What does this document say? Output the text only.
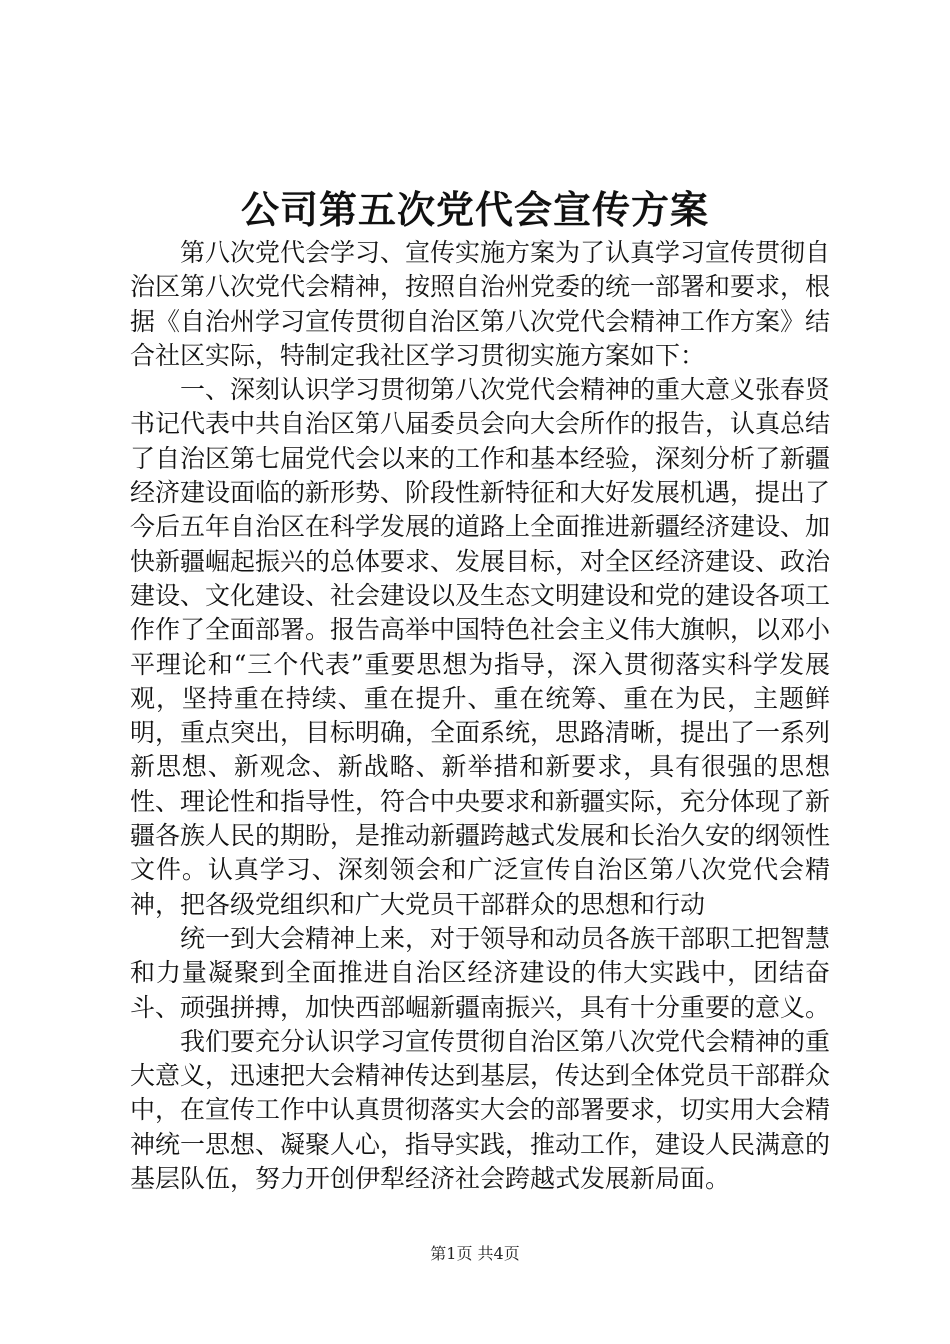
公司第五次党代会宣传方案

第八次党代会学习、宣传实施方案为了认真学习宣传贯彻自治区第八次党代会精神，按照自治州党委的统一部署和要求，根据《自治州学习宣传贯彻自治区第八次党代会精神工作方案》结合社区实际，特制定我社区学习贯彻实施方案如下：

一、深刻认识学习贯彻第八次党代会精神的重大意义张春贤书记代表中共自治区第八届委员会向大会所作的报告，认真总结了自治区第七届党代会以来的工作和基本经验，深刻分析了新疆经济建设面临的新形势、阶段性新特征和大好发展机遇，提出了今后五年自治区在科学发展的道路上全面推进新疆经济建设、加快新疆崛起振兴的总体要求、发展目标，对全区经济建设、政治建设、文化建设、社会建设以及生态文明建设和党的建设各项工作作了全面部署。报告高举中国特色社会主义伟大旗帜，以邓小平理论和“三个代表”重要思想为指导，深入贯彻落实科学发展观，坚持重在持续、重在提升、重在统筹、重在为民，主题鲜明，重点突出，目标明确，全面系统，思路清晰，提出了一系列新思想、新观念、新战略、新举措和新要求，具有很强的思想性、理论性和指导性，符合中央要求和新疆实际，充分体现了新疆各族人民的期盼，是推动新疆跨越式发展和长治久安的纲领性文件。认真学习、深刻领会和广泛宣传自治区第八次党代会精神，把各级党组织和广大党员干部群众的思想和行动

统一到大会精神上来，对于领导和动员各族干部职工把智慧和力量凝聚到全面推进自治区经济建设的伟大实践中，团结奋斗、顽强拼搏，加快西部崛新疆南振兴，具有十分重要的意义。

我们要充分认识学习宣传贯彻自治区第八次党代会精神的重大意义，迅速把大会精神传达到基层，传达到全体党员干部群众中，在宣传工作中认真贯彻落实大会的部署要求，切实用大会精神统一思想、凝聚人心，指导实践，推动工作，建设人民满意的基层队伍，努力开创伊犁经济社会跨越式发展新局面。

第1页 共4页
